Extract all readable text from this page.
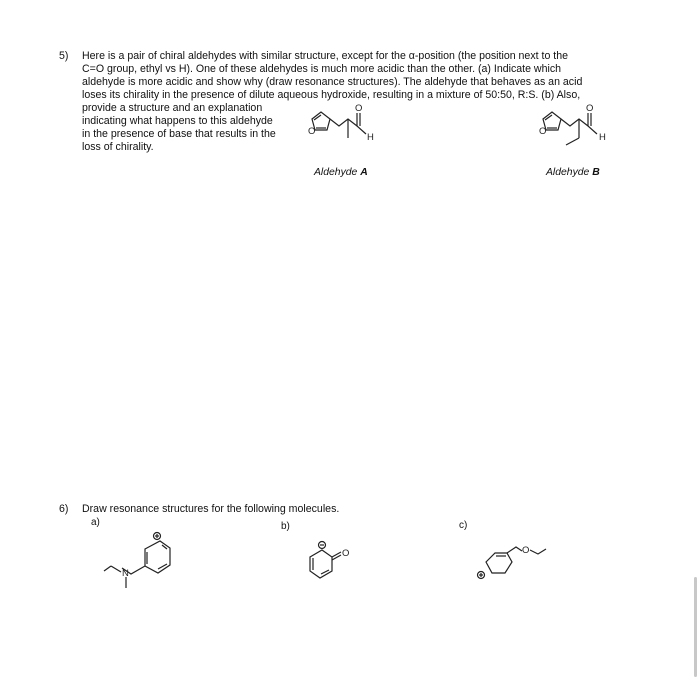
5) Here is a pair of chiral aldehydes with similar structure, except for the α-position (the position next to the
C=O group, ethyl vs H). One of these aldehydes is much more acidic than the other. (a) Indicate which
aldehyde is more acidic and show why (draw resonance structures). The aldehyde that behaves as an acid
loses its chirality in the presence of dilute aqueous hydroxide, resulting in a mixture of 50:50, R:S. (b) Also,
provide a structure and an explanation
indicating what happens to this aldehyde
in the presence of base that results in the
loss of chirality.
O
O
H
Aldehyde A
O
O
H
Aldehyde B
6) Draw resonance structures for the following molecules.
a)	b)	c)
N
O	O
